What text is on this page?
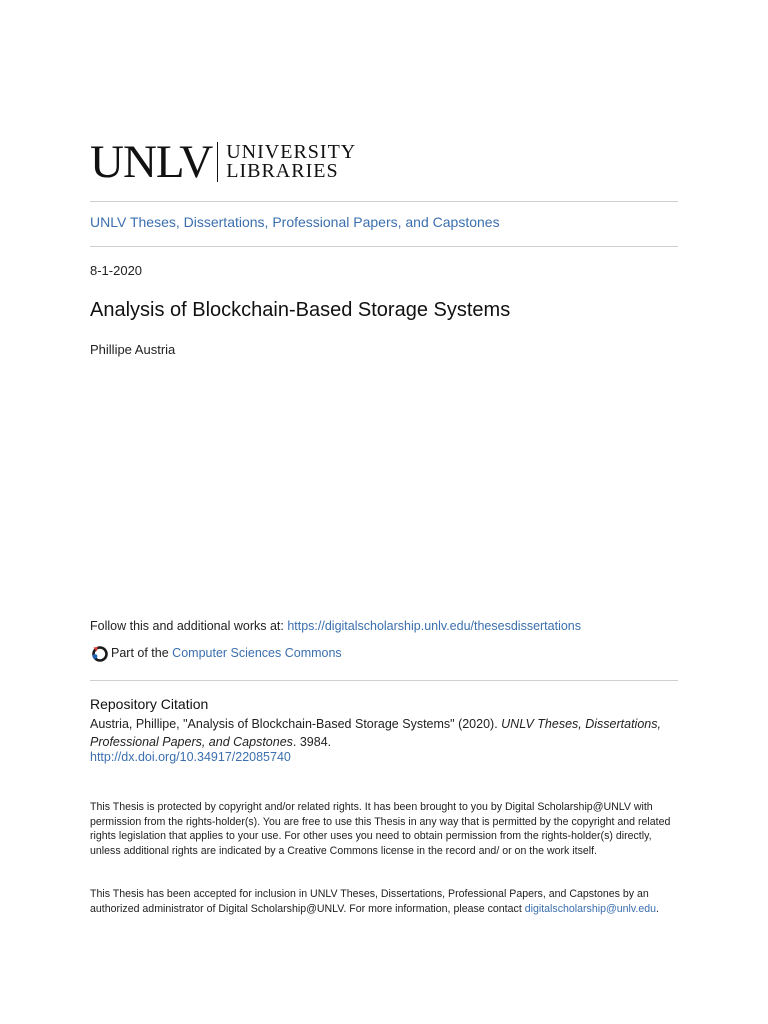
UNLV UNIVERSITY
LIBRARIES
UNLV Theses, Dissertations, Professional Papers, and Capstones
8-1-2020
Analysis of Blockchain-Based Storage Systems
Phillipe Austria
Follow this and additional works at: https://digitalscholarship.unlv.edu/thesesdissertations
Part of the
Computer Sciences Commons
Repository Citation
Austria, Phillipe, "Analysis of Blockchain-Based Storage Systems" (2020). UNLV Theses, Dissertations, Professional Papers, and Capstones. 3984.
http://dx.doi.org/10.34917/22085740
This Thesis is protected by copyright and/or related rights. It has been brought to you by Digital Scholarship@UNLV with permission from the rights-holder(s). You are free to use this Thesis in any way that is permitted by the copyright and related rights legislation that applies to your use. For other uses you need to obtain permission from the rights-holder(s) directly, unless additional rights are indicated by a Creative Commons license in the record and/ or on the work itself.
This Thesis has been accepted for inclusion in UNLV Theses, Dissertations, Professional Papers, and Capstones by an authorized administrator of Digital Scholarship@UNLV. For more information, please contact digitalscholarship@unlv.edu.
